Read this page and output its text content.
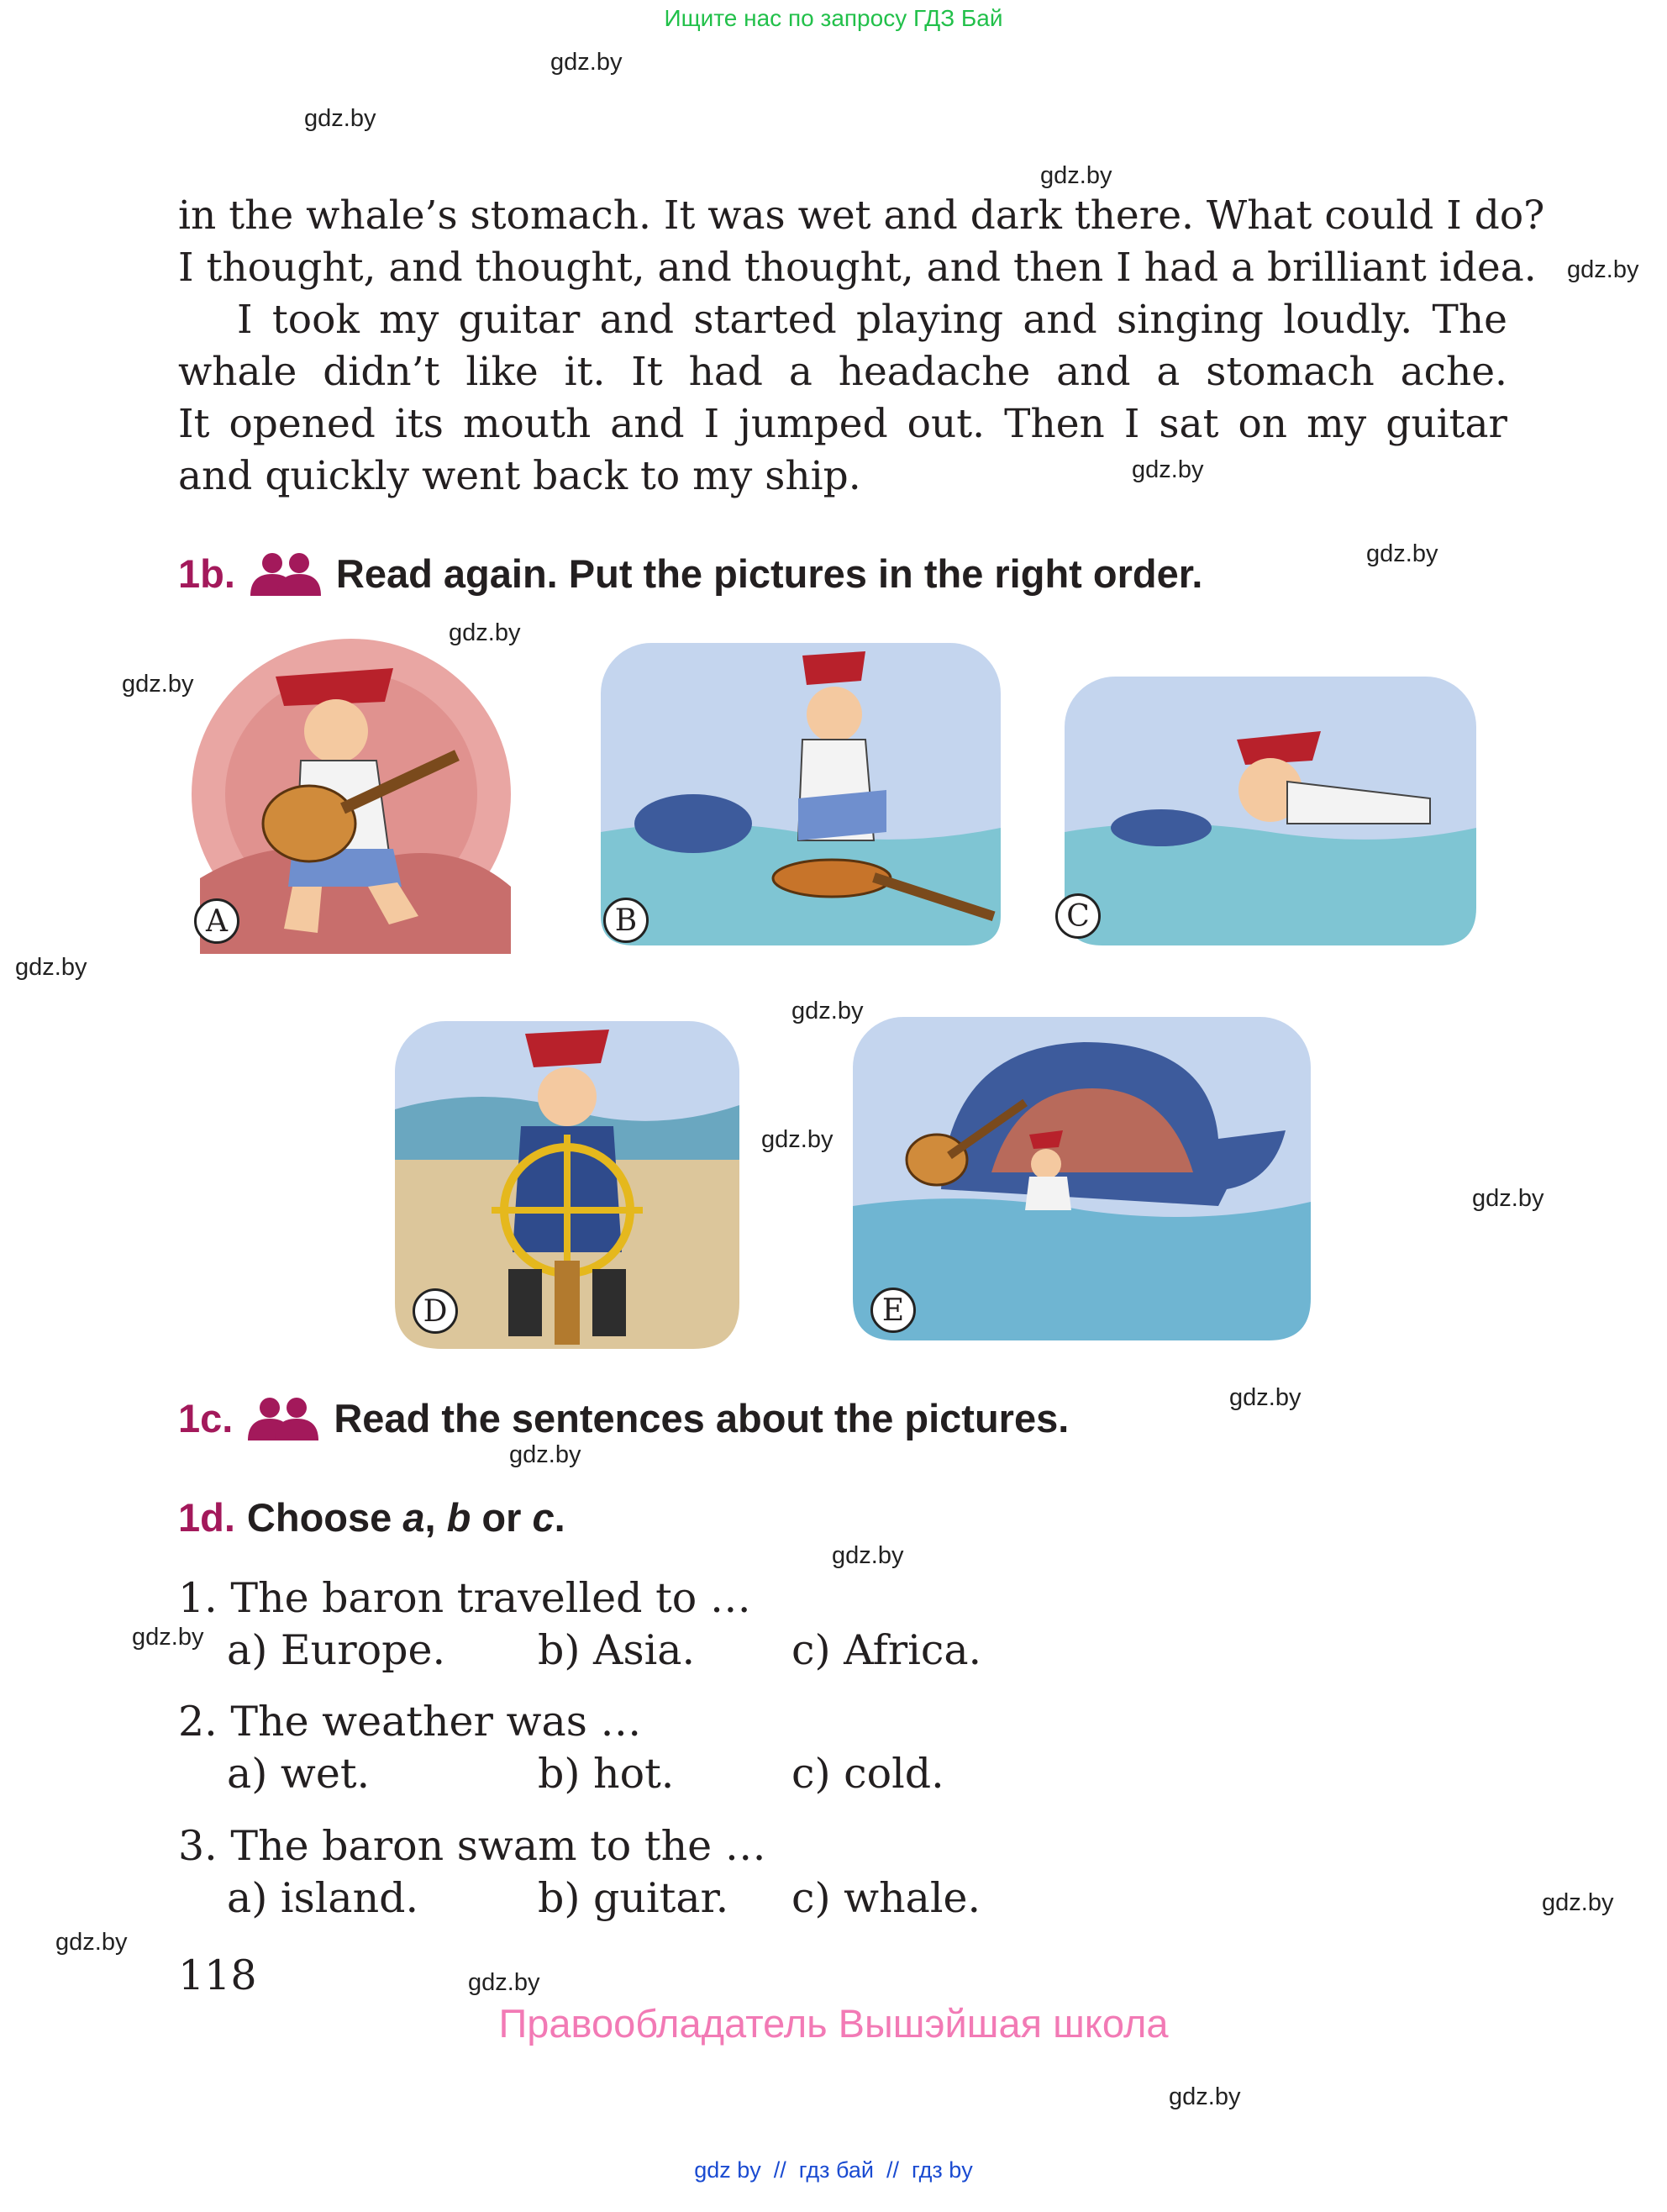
Ищите нас по запросу ГДЗ Бай
gdz.by
gdz.by
gdz.by
gdz.by
gdz.by
gdz.by
gdz.by
gdz.by
gdz.by
gdz.by
gdz.by
gdz.by
gdz.by
gdz.by
gdz.by
gdz.by
gdz.by
gdz.by
gdz.by
gdz.by
in the whale’s stomach. It was wet and dark there. What could I do?
I thought, and thought, and thought, and then I had a brilliant idea.
I took my guitar and started playing and singing loudly. The
whale didn’t like it. It had a headache and a stomach ache.
It opened its mouth and I jumped out. Then I sat on my guitar
and quickly went back to my ship.
1b.	Read again. Put the pictures in the right order.
A	B	C
D	E
1c.	Read the sentences about the pictures.
1d. Choose a , b or c .
1. The baron travelled to …
a) Europe. b) Asia. c) Africa.
2. The weather was …
a) wet.	b) hot.	c) cold.
3. The baron swam to the …
a) island.	b) guitar. c) whale.
118
Правообладатель Вышэйшая школа
gdz by  //  гдз бай  //  гдз by
